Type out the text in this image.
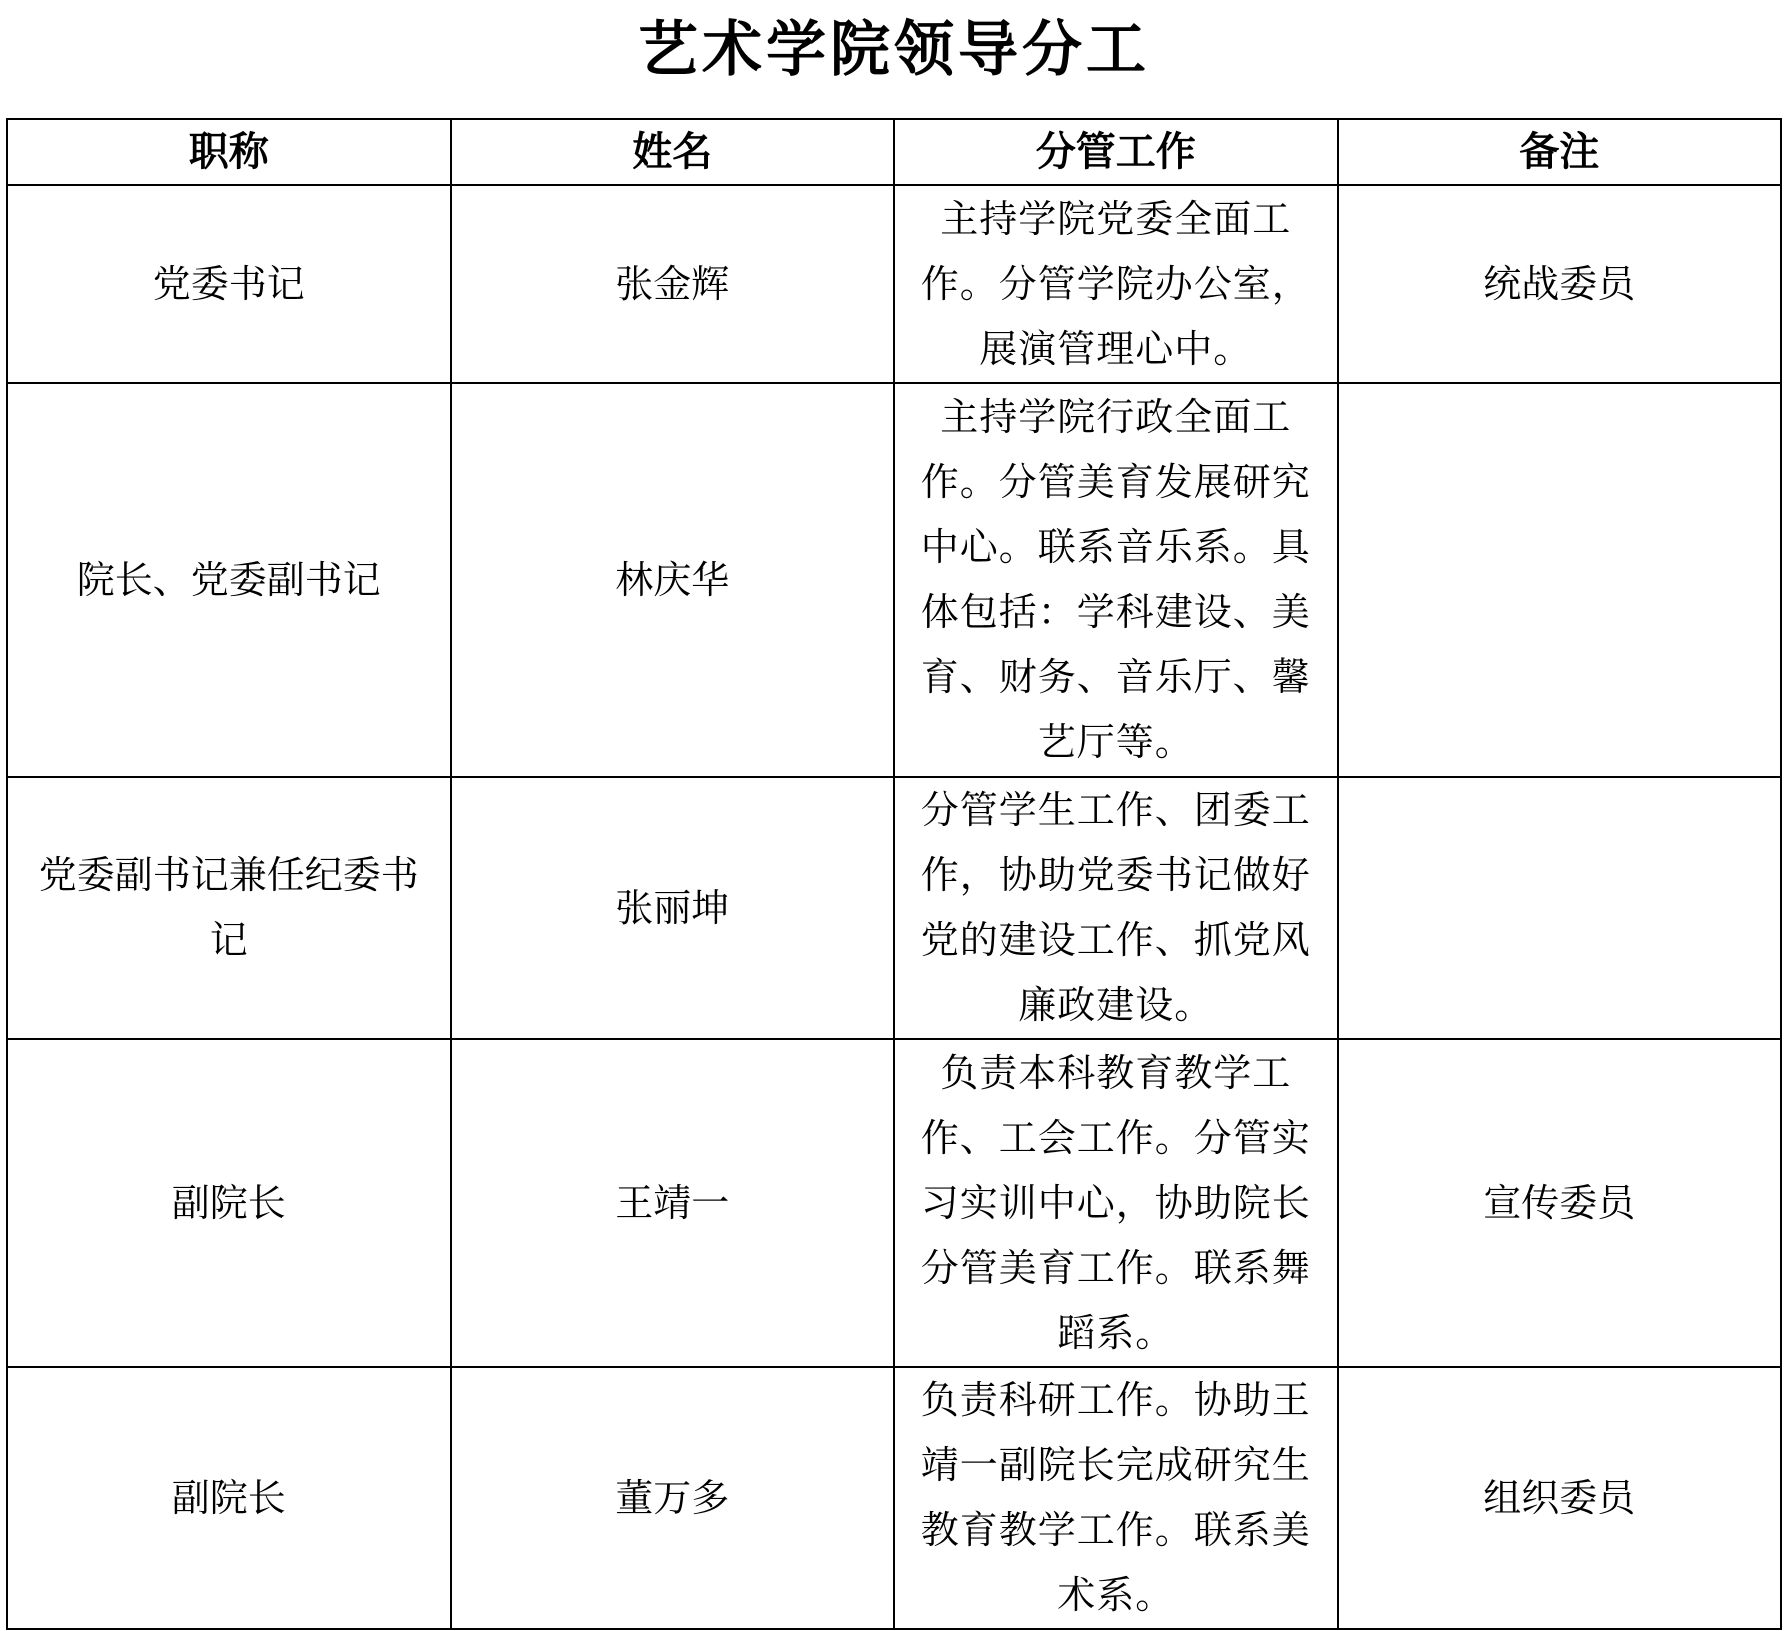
艺术学院领导分工
职称	姓名	分管工作	备注

党委书记	张金辉	主持学院党委全面工作。分管学院办公室，展演管理心中。	统战委员

院长、党委副书记	林庆华	主持学院行政全面工作。分管美育发展研究中心。联系音乐系。具体包括：学科建设、美育、财务、音乐厅、馨艺厅等。	

党委副书记兼任纪委书记	张丽坤	分管学生工作、团委工作，协助党委书记做好党的建设工作、抓党风廉政建设。	

副院长	王靖一	负责本科教育教学工作、工会工作。分管实习实训中心，协助院长分管美育工作。联系舞蹈系。	宣传委员

副院长	董万多	负责科研工作。协助王靖一副院长完成研究生教育教学工作。联系美术系。	组织委员
